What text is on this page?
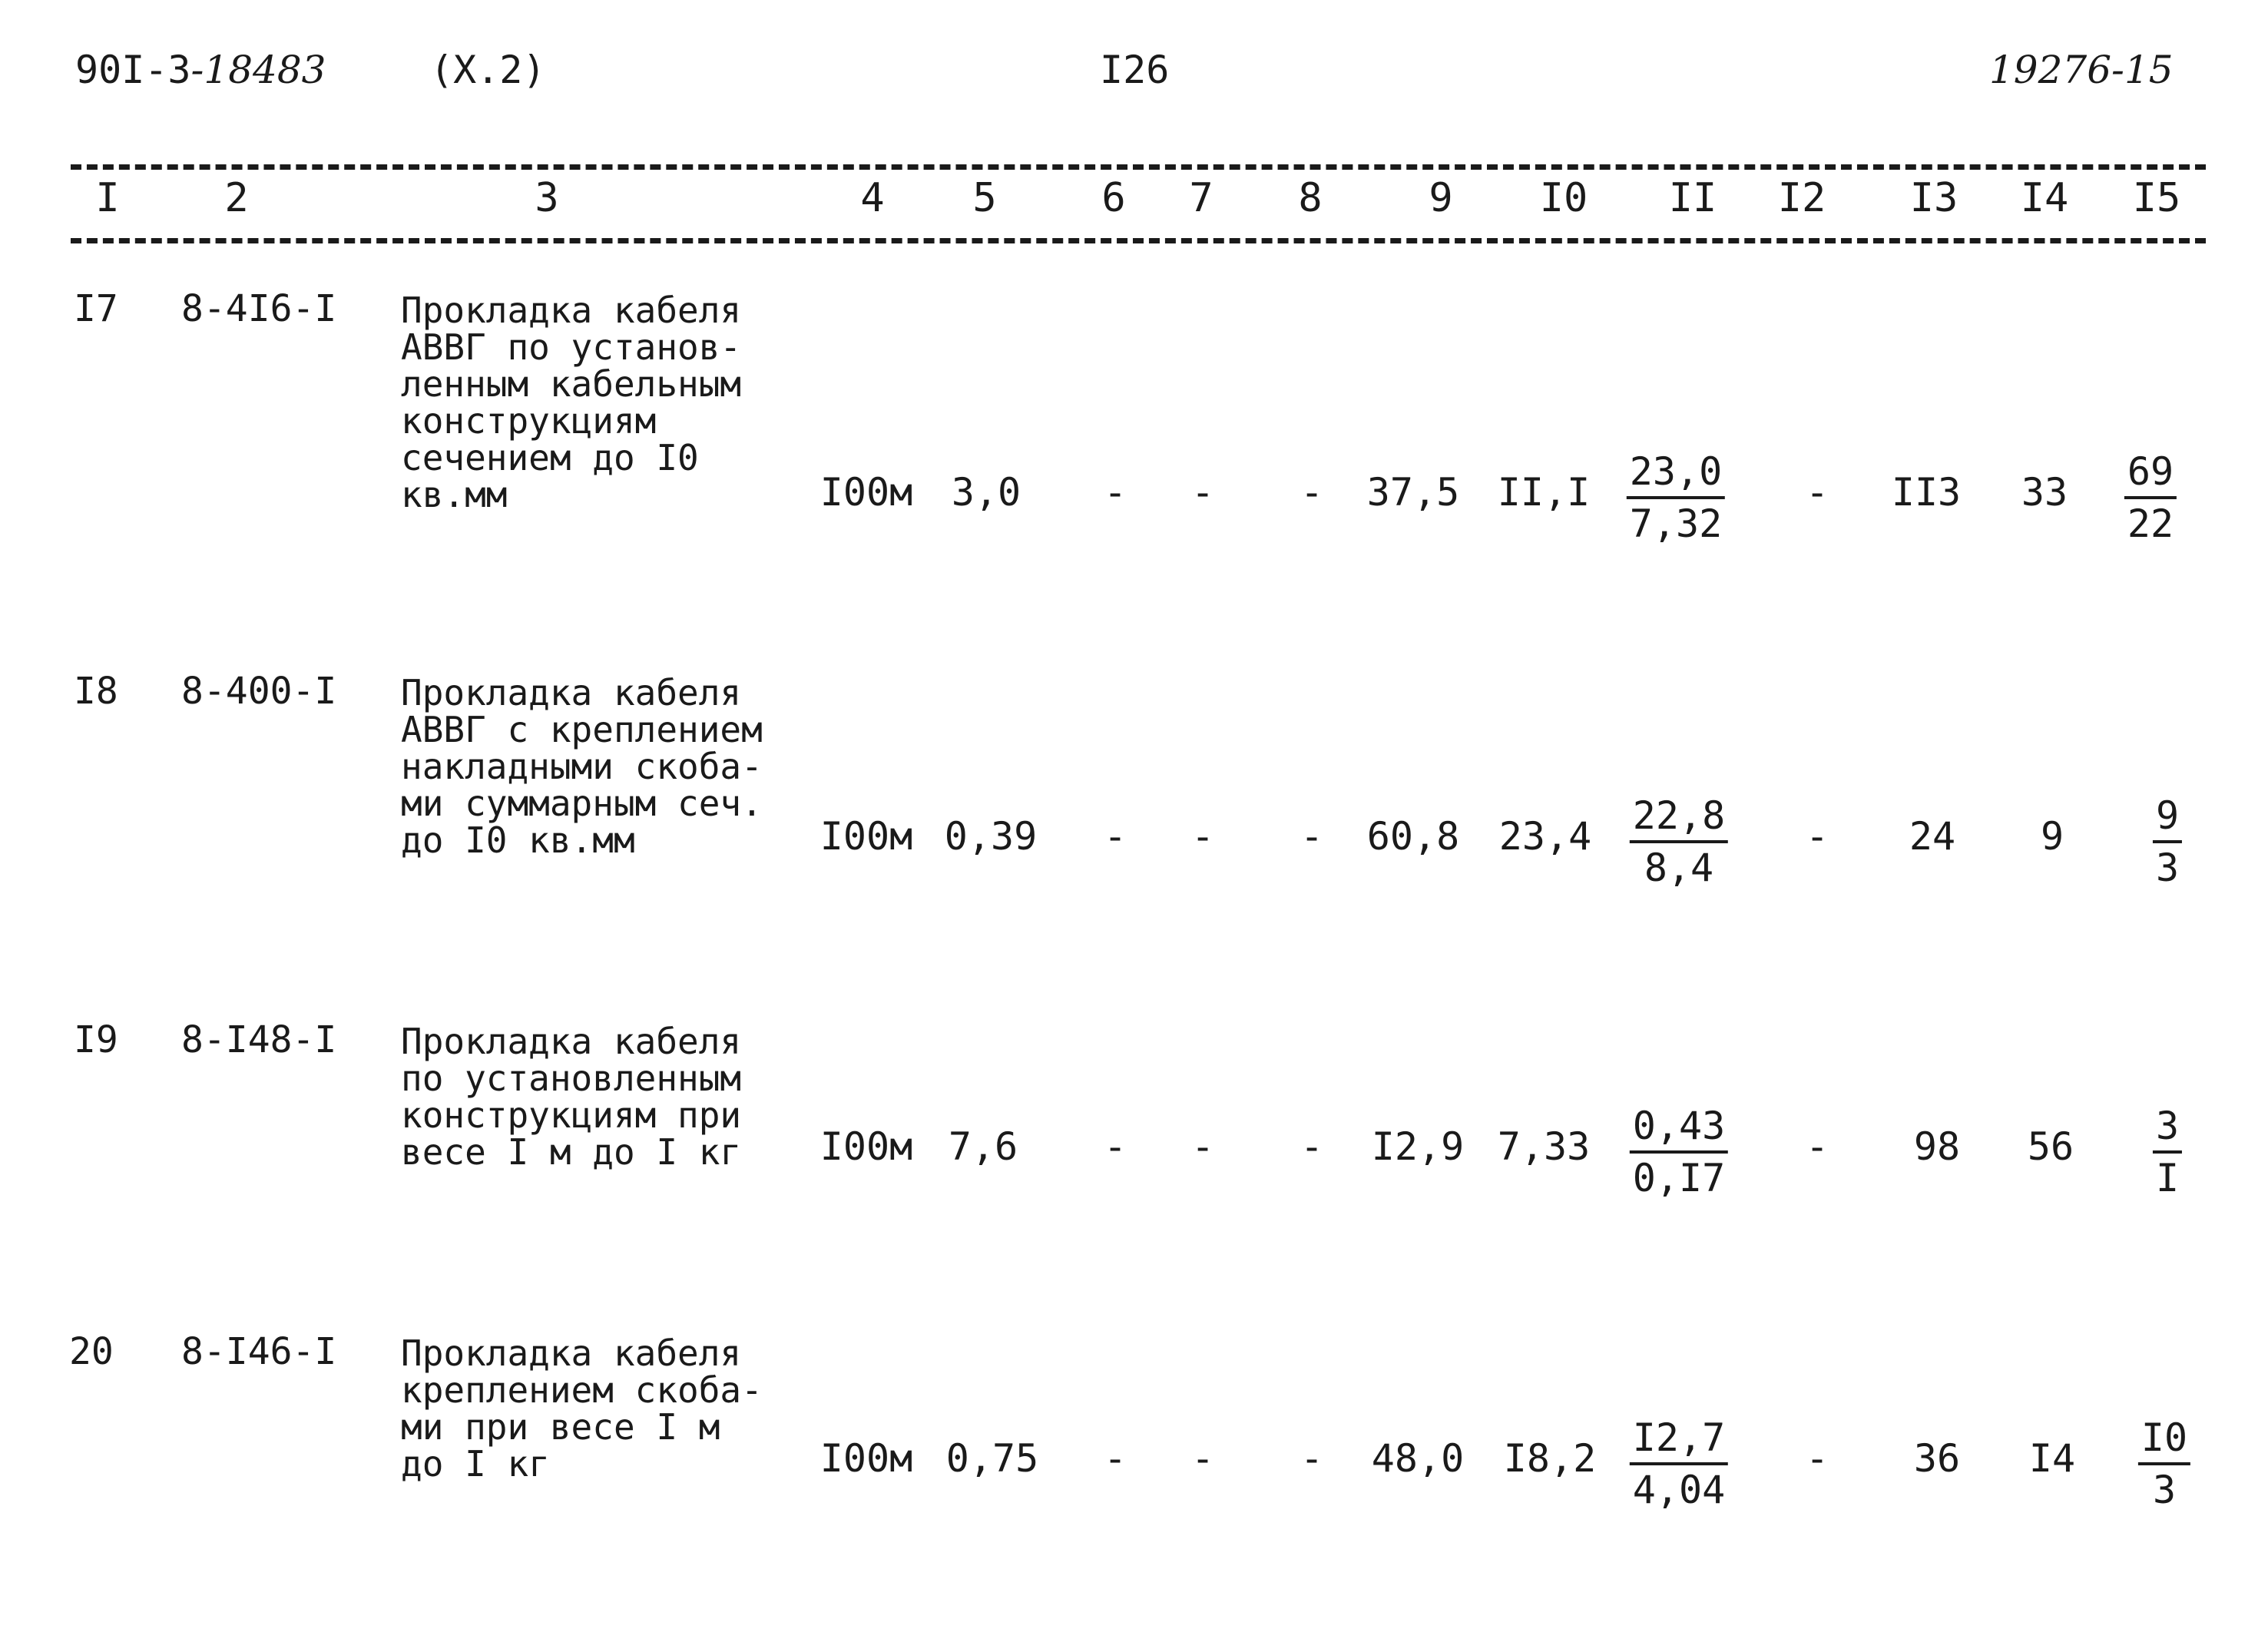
90I-3-18483	(X.2)	I26	19276-15
I	2	3	4 5	6 7 8	9 I0 II I2 I3 I4 I5
I7 8-4I6-I Прокладка кабеля
АВВГ по установ-
ленным кабельным
конструкциям
сечением до I0
кв.мм	I00м 3,0 - - - 37,5 $II,I \frac{23,0}{7,32} - II3$ $33 \frac{69}{22}$
I8 8-400-I Прокладка кабеля
АВВГ с креплением
накладными скоба-
ми суммарным сеч.
до I0 кв.мм	I00м 0,39 - - - 60,8 $23,4 \frac{22,8}{8,4} - 24$ $9 \frac{9}{3}$
I9 8-I48-I Прокладка кабеля
по установленным
конструкциям при
весе I м до I кг	I00м 7,6 - - - I2,9 $7,33 \frac{0,43}{0,I7} - 98$ $56 \frac{3}{I}$
20 8-I46-I Прокладка кабеля
креплением скоба-
ми при весе I м
до I кг	I00м 0,75 - - - 48,0 $I8,2 \frac{I2,7}{4,04} - 36$ $I4 \frac{I0}{3}$
